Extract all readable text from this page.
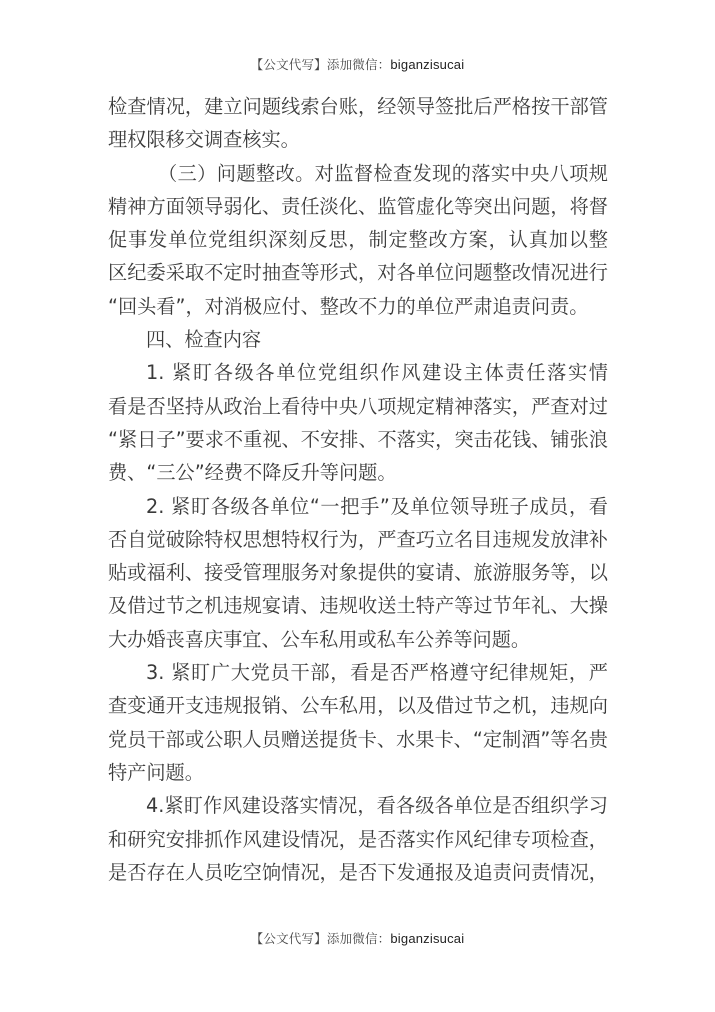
【公文代写】添加微信：biganzisucai
检查情况，建立问题线索台账，经领导签批后严格按干部管
理权限移交调查核实。
（三）问题整改。对监督检查发现的落实中央八项规
精神方面领导弱化、责任淡化、监管虚化等突出问题，将督
促事发单位党组织深刻反思，制定整改方案，认真加以整
区纪委采取不定时抽查等形式，对各单位问题整改情况进行
“回头看”，对消极应付、整改不力的单位严肃追责问责。
四、检查内容
1. 紧盯各级各单位党组织作风建设主体责任落实情
看是否坚持从政治上看待中央八项规定精神落实，严查对过
“紧日子”要求不重视、不安排、不落实，突击花钱、铺张浪
费、“三公”经费不降反升等问题。
2. 紧盯各级各单位“一把手”及单位领导班子成员，看
否自觉破除特权思想特权行为，严查巧立名目违规发放津补
贴或福利、接受管理服务对象提供的宴请、旅游服务等，以
及借过节之机违规宴请、违规收送土特产等过节年礼、大操
大办婚丧喜庆事宜、公车私用或私车公养等问题。
3. 紧盯广大党员干部，看是否严格遵守纪律规矩，严
查变通开支违规报销、公车私用，以及借过节之机，违规向
党员干部或公职人员赠送提货卡、水果卡、“定制酒”等名贵
特产问题。
4.紧盯作风建设落实情况，看各级各单位是否组织学习
和研究安排抓作风建设情况，是否落实作风纪律专项检查，
是否存在人员吃空饷情况，是否下发通报及追责问责情况，
【公文代写】添加微信：biganzisucai
